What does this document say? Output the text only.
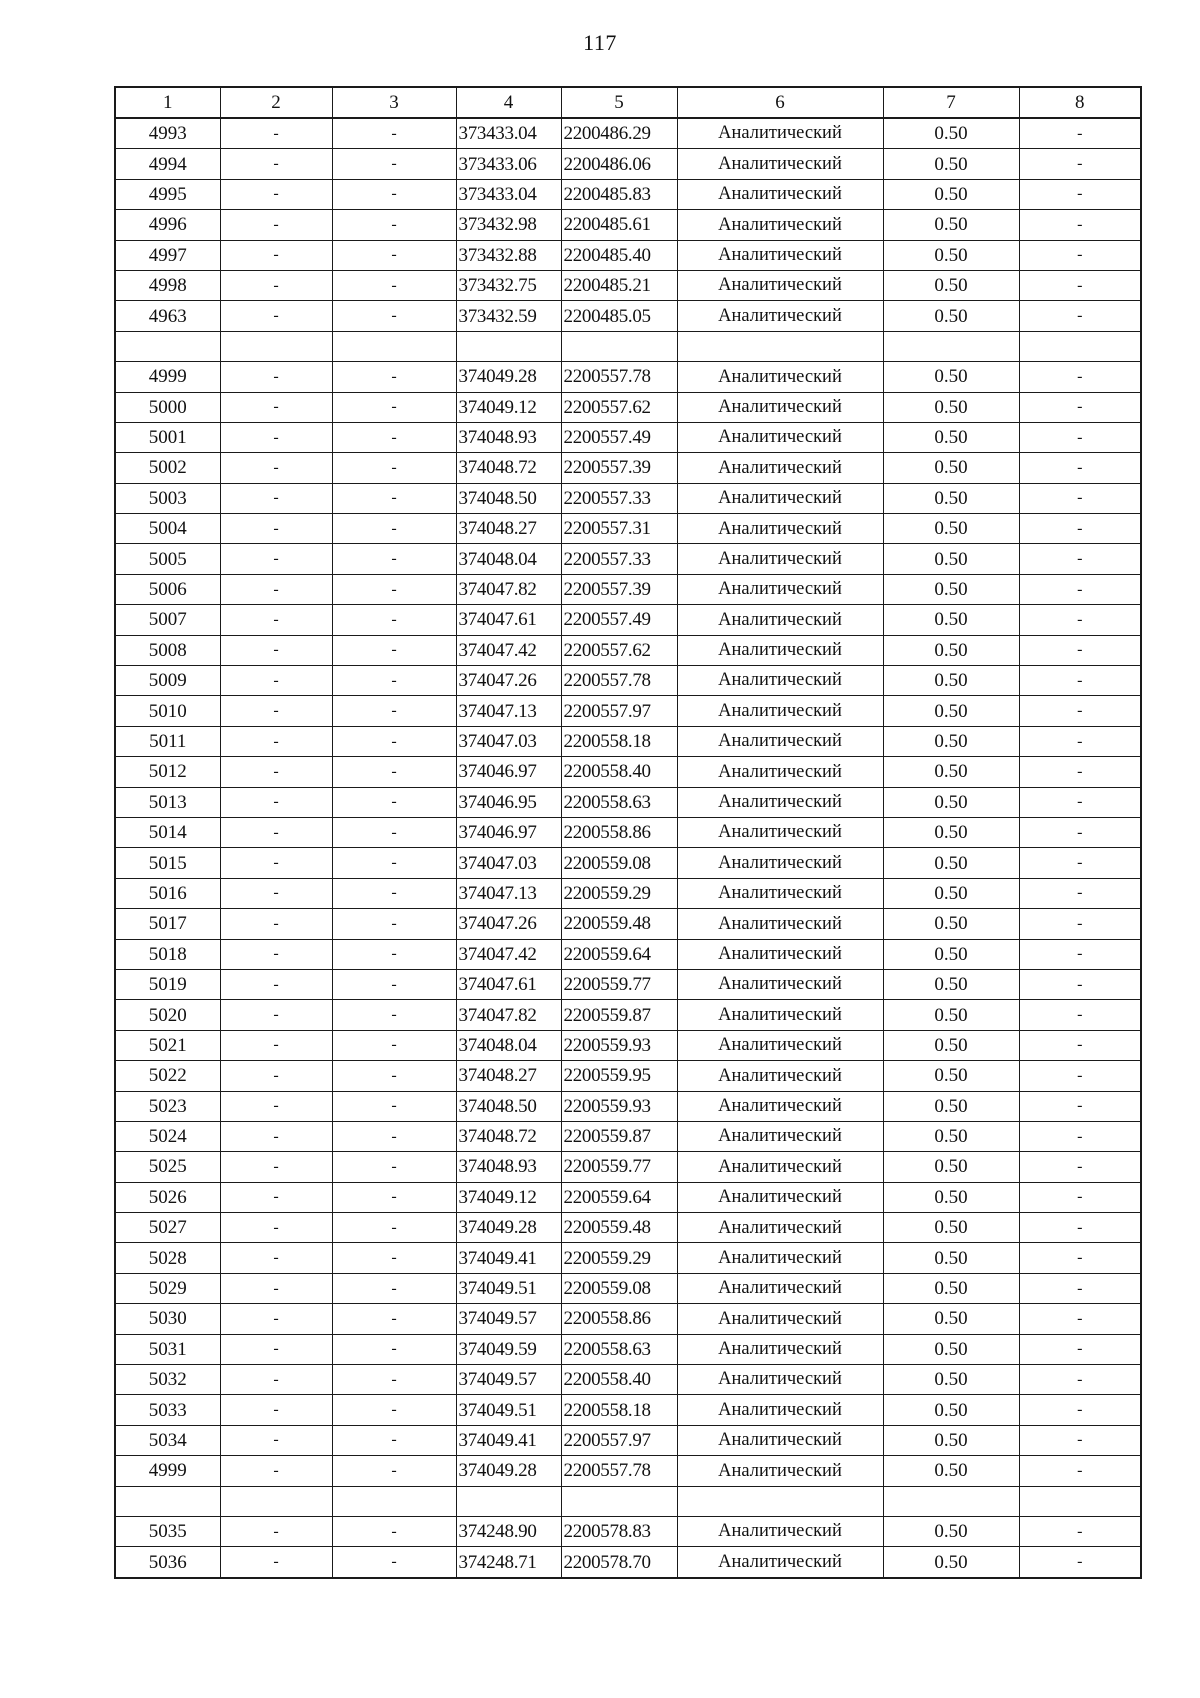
117
1	2	3	4	5	6	7	8
4993	-	-	373433.04	2200486.29	Аналитический	0.50	-
4994	-	-	373433.06	2200486.06	Аналитический	0.50	-
4995	-	-	373433.04	2200485.83	Аналитический	0.50	-
4996	-	-	373432.98	2200485.61	Аналитический	0.50	-
4997	-	-	373432.88	2200485.40	Аналитический	0.50	-
4998	-	-	373432.75	2200485.21	Аналитический	0.50	-
4963	-	-	373432.59	2200485.05	Аналитический	0.50	-

4999	-	-	374049.28	2200557.78	Аналитический	0.50	-
5000	-	-	374049.12	2200557.62	Аналитический	0.50	-
5001	-	-	374048.93	2200557.49	Аналитический	0.50	-
5002	-	-	374048.72	2200557.39	Аналитический	0.50	-
5003	-	-	374048.50	2200557.33	Аналитический	0.50	-
5004	-	-	374048.27	2200557.31	Аналитический	0.50	-
5005	-	-	374048.04	2200557.33	Аналитический	0.50	-
5006	-	-	374047.82	2200557.39	Аналитический	0.50	-
5007	-	-	374047.61	2200557.49	Аналитический	0.50	-
5008	-	-	374047.42	2200557.62	Аналитический	0.50	-
5009	-	-	374047.26	2200557.78	Аналитический	0.50	-
5010	-	-	374047.13	2200557.97	Аналитический	0.50	-
5011	-	-	374047.03	2200558.18	Аналитический	0.50	-
5012	-	-	374046.97	2200558.40	Аналитический	0.50	-
5013	-	-	374046.95	2200558.63	Аналитический	0.50	-
5014	-	-	374046.97	2200558.86	Аналитический	0.50	-
5015	-	-	374047.03	2200559.08	Аналитический	0.50	-
5016	-	-	374047.13	2200559.29	Аналитический	0.50	-
5017	-	-	374047.26	2200559.48	Аналитический	0.50	-
5018	-	-	374047.42	2200559.64	Аналитический	0.50	-
5019	-	-	374047.61	2200559.77	Аналитический	0.50	-
5020	-	-	374047.82	2200559.87	Аналитический	0.50	-
5021	-	-	374048.04	2200559.93	Аналитический	0.50	-
5022	-	-	374048.27	2200559.95	Аналитический	0.50	-
5023	-	-	374048.50	2200559.93	Аналитический	0.50	-
5024	-	-	374048.72	2200559.87	Аналитический	0.50	-
5025	-	-	374048.93	2200559.77	Аналитический	0.50	-
5026	-	-	374049.12	2200559.64	Аналитический	0.50	-
5027	-	-	374049.28	2200559.48	Аналитический	0.50	-
5028	-	-	374049.41	2200559.29	Аналитический	0.50	-
5029	-	-	374049.51	2200559.08	Аналитический	0.50	-
5030	-	-	374049.57	2200558.86	Аналитический	0.50	-
5031	-	-	374049.59	2200558.63	Аналитический	0.50	-
5032	-	-	374049.57	2200558.40	Аналитический	0.50	-
5033	-	-	374049.51	2200558.18	Аналитический	0.50	-
5034	-	-	374049.41	2200557.97	Аналитический	0.50	-
4999	-	-	374049.28	2200557.78	Аналитический	0.50	-

5035	-	-	374248.90	2200578.83	Аналитический	0.50	-
5036	-	-	374248.71	2200578.70	Аналитический	0.50	-
